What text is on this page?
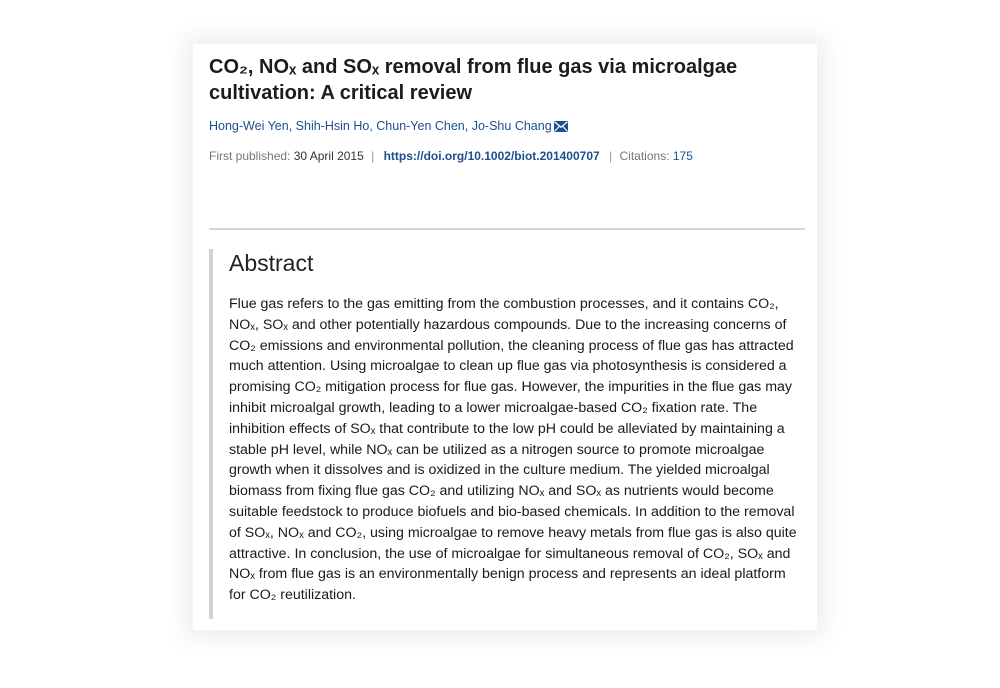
CO₂, NOₓ and SOₓ removal from flue gas via microalgae cultivation: A critical review
Hong-Wei Yen, Shih-Hsin Ho, Chun-Yen Chen, Jo-Shu Chang
First published: 30 April 2015 | https://doi.org/10.1002/biot.201400707 | Citations: 175
Abstract

Flue gas refers to the gas emitting from the combustion processes, and it contains CO₂, NOₓ, SOₓ and other potentially hazardous compounds. Due to the increasing concerns of CO₂ emissions and environmental pollution, the cleaning process of flue gas has attracted much attention. Using microalgae to clean up flue gas via photosynthesis is considered a promising CO₂ mitigation process for flue gas. However, the impurities in the flue gas may inhibit microalgal growth, leading to a lower microalgae-based CO₂ fixation rate. The inhibition effects of SOₓ that contribute to the low pH could be alleviated by maintaining a stable pH level, while NOₓ can be utilized as a nitrogen source to promote microalgae growth when it dissolves and is oxidized in the culture medium. The yielded microalgal biomass from fixing flue gas CO₂ and utilizing NOₓ and SOₓ as nutrients would become suitable feedstock to produce biofuels and bio-based chemicals. In addition to the removal of SOₓ, NOₓ and CO₂, using microalgae to remove heavy metals from flue gas is also quite attractive. In conclusion, the use of microalgae for simultaneous removal of CO₂, SOₓ and NOₓ from flue gas is an environmentally benign process and represents an ideal platform for CO₂ reutilization.
